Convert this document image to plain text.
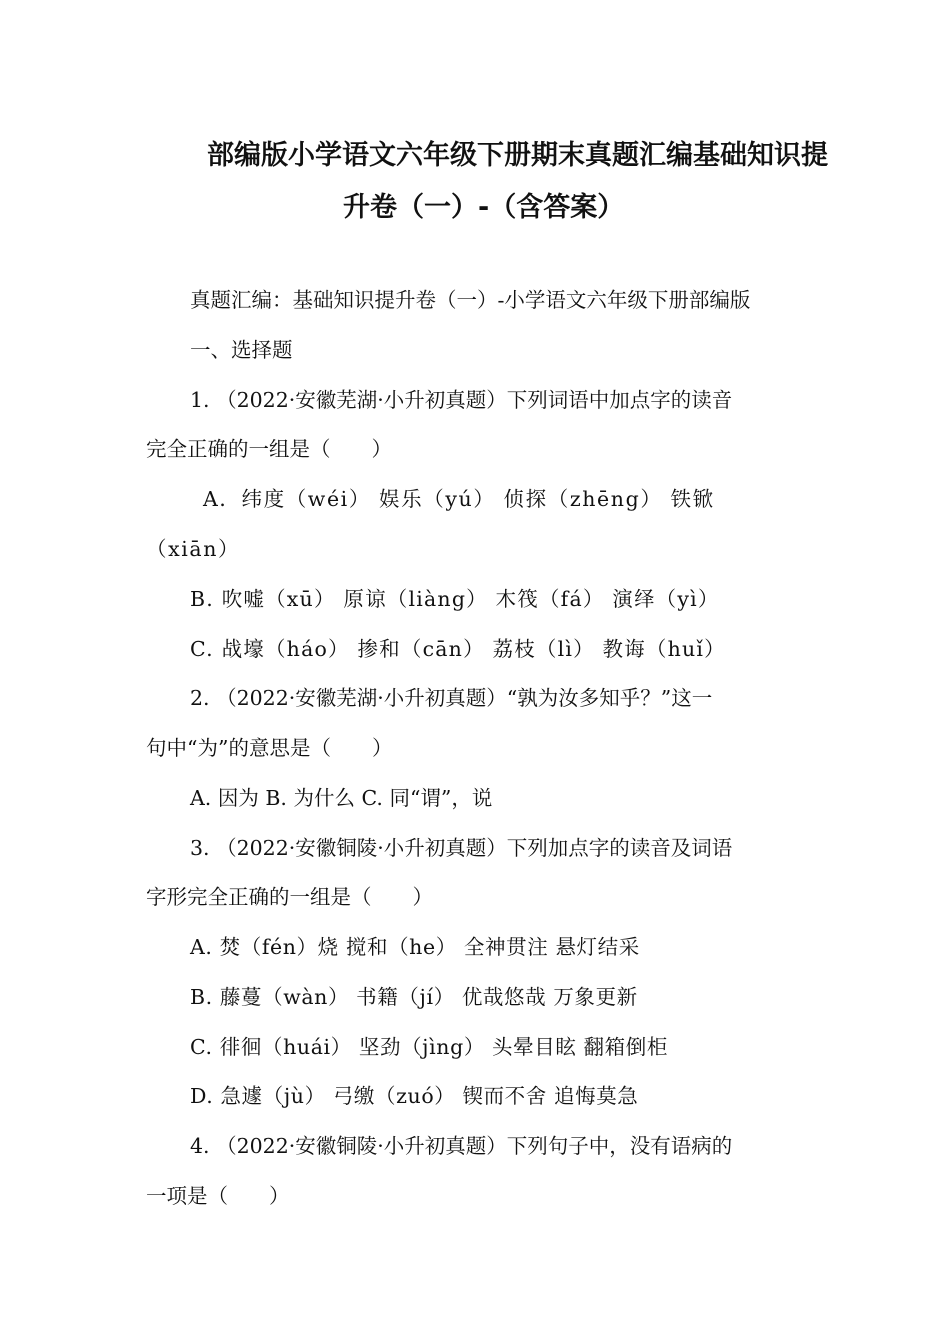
部编版小学语文六年级下册期末真题汇编基础知识提
升卷（一）-（含答案）
真题汇编：基础知识提升卷（一）-小学语文六年级下册部编版
一、选择题
1. （2022·安徽芜湖·小升初真题）下列词语中加点字的读音
完全正确的一组是（　　）
A．纬度（wéi） 娱乐（yú） 侦探（zhēng） 铁锨
（xiān）
B. 吹嘘（xū） 原谅（liàng） 木筏（fá） 演绎（yì）
C. 战壕（háo） 掺和（cān） 荔枝（lì） 教诲（huǐ）
2. （2022·安徽芜湖·小升初真题）“孰为汝多知乎？”这一
句中“为”的意思是（　　）
A. 因为 B. 为什么 C. 同“谓”，说
3. （2022·安徽铜陵·小升初真题）下列加点字的读音及词语
字形完全正确的一组是（　　）
A. 焚（fén）烧 搅和（he） 全神贯注 悬灯结采
B. 藤蔓（wàn） 书籍（jí） 优哉悠哉 万象更新
C. 徘徊（huái） 坚劲（jìng） 头晕目眩 翻箱倒柜
D. 急遽（jù） 弓缴（zuó） 锲而不舍 追悔莫急
4. （2022·安徽铜陵·小升初真题）下列句子中，没有语病的
一项是（　　）
